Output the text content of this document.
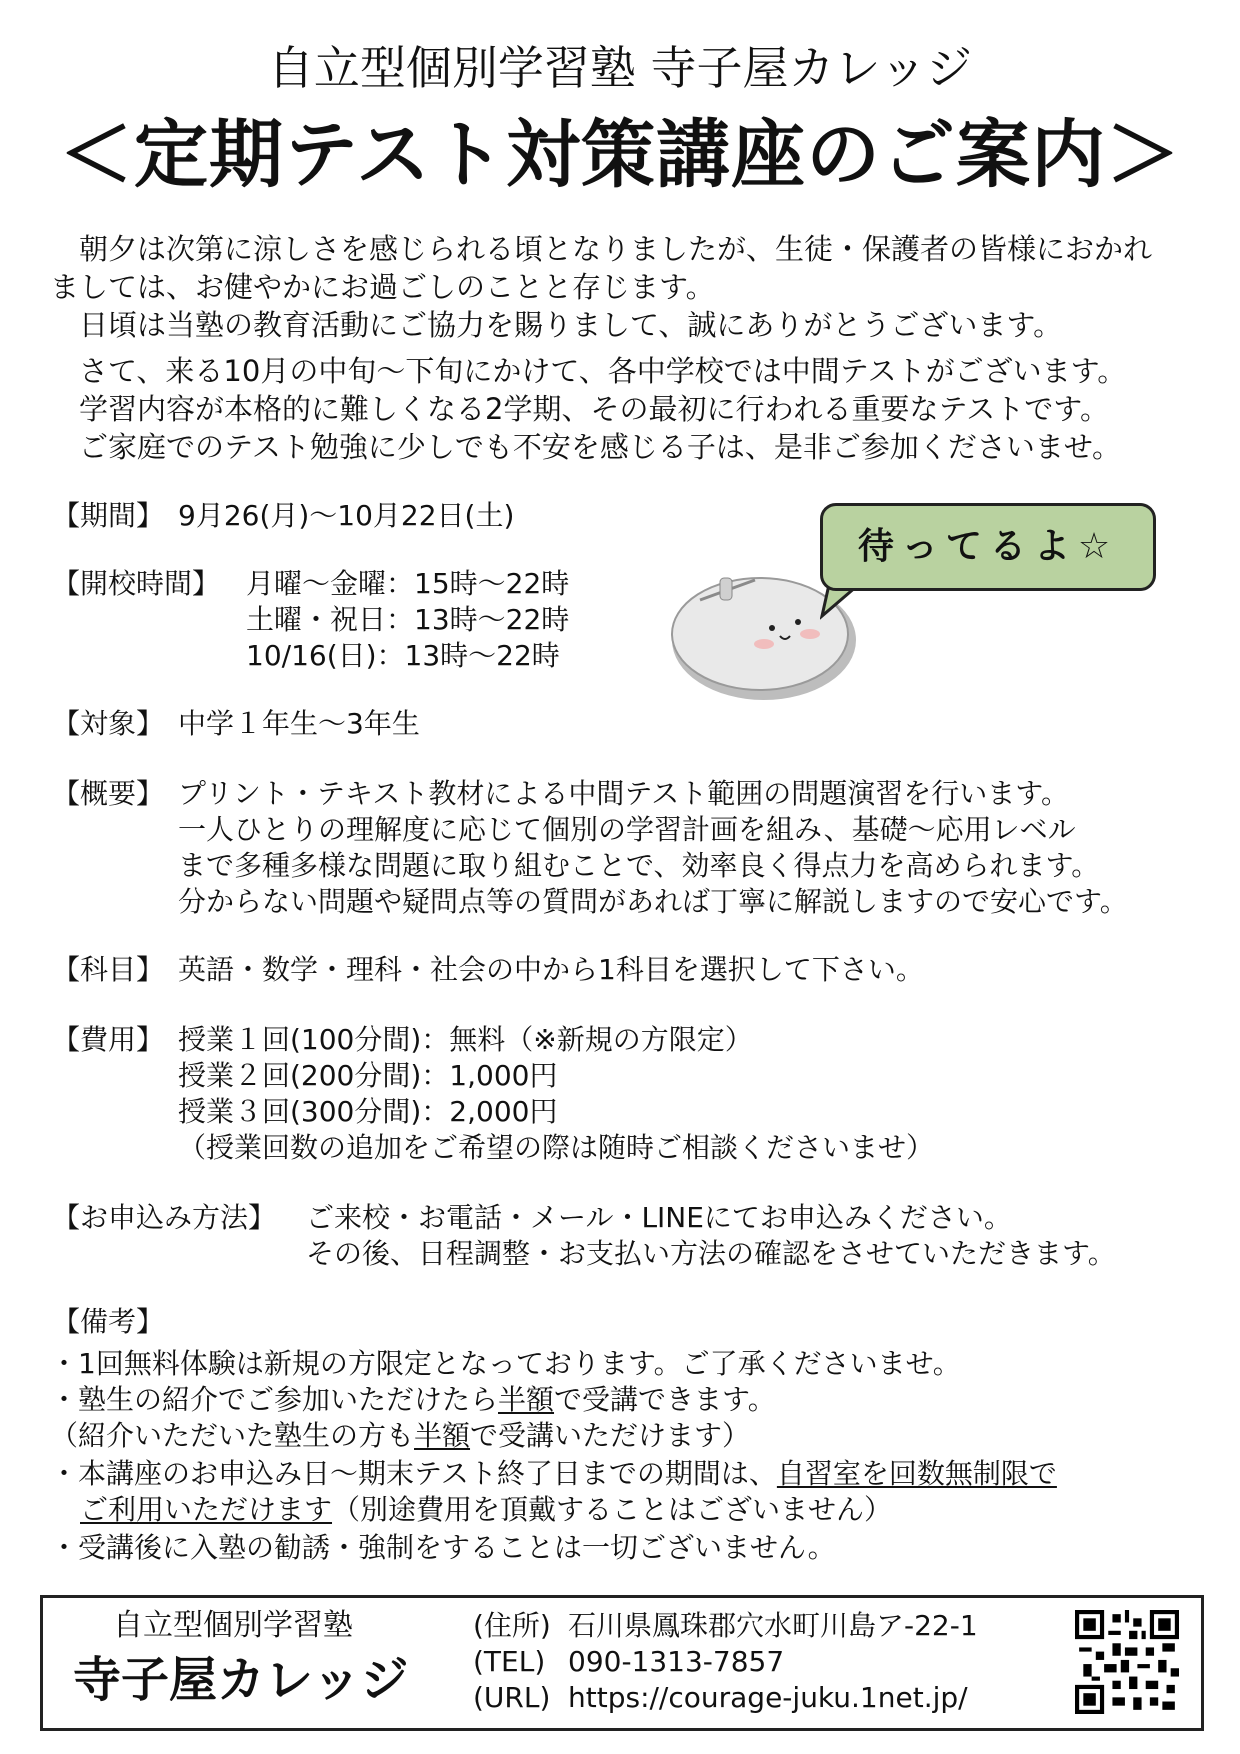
自立型個別学習塾 寺子屋カレッジ
＜定期テスト対策講座のご案内＞
　朝夕は次第に涼しさを感じられる頃となりましたが、生徒・保護者の皆様におかれ
ましては、お健やかにお過ごしのことと存じます。
　日頃は当塾の教育活動にご協力を賜りまして、誠にありがとうございます。
　さて、来る10月の中旬〜下旬にかけて、各中学校では中間テストがございます。
　学習内容が本格的に難しくなる2学期、その最初に行われる重要なテストです。
　ご家庭でのテスト勉強に少しでも不安を感じる子は、是非ご参加くださいませ。
【期間】 9月26(月)〜10月22日(土)
【開校時間】 月曜〜金曜：15時〜22時
土曜・祝日：13時〜22時
10/16(日)：13時〜22時
待ってるよ☆
【対象】 中学１年生〜3年生
【概要】 プリント・テキスト教材による中間テスト範囲の問題演習を行います。
一人ひとりの理解度に応じて個別の学習計画を組み、基礎〜応用レベル
まで多種多様な問題に取り組むことで、効率良く得点力を高められます。
分からない問題や疑問点等の質問があれば丁寧に解説しますので安心です。
【科目】 英語・数学・理科・社会の中から1科目を選択して下さい。
【費用】 授業１回(100分間)：無料（※新規の方限定）
授業２回(200分間)：1,000円
授業３回(300分間)：2,000円
（授業回数の追加をご希望の際は随時ご相談くださいませ）
【お申込み方法】 ご来校・お電話・メール・LINEにてお申込みください。
その後、日程調整・お支払い方法の確認をさせていただきます。
【備考】
・1回無料体験は新規の方限定となっております。ご了承くださいませ。
・塾生の紹介でご参加いただけたら半額で受講できます。
（紹介いただいた塾生の方も半額で受講いただけます）
・本講座のお申込み日〜期末テスト終了日までの期間は、自習室を回数無制限で
ご利用いただけます（別途費用を頂戴することはございません）
・受講後に入塾の勧誘・強制をすることは一切ございません。
自立型個別学習塾
寺子屋カレッジ
(住所) 石川県鳳珠郡穴水町川島ア-22-1
(TEL) 090-1313-7857
(URL) https://courage-juku.1net.jp/
